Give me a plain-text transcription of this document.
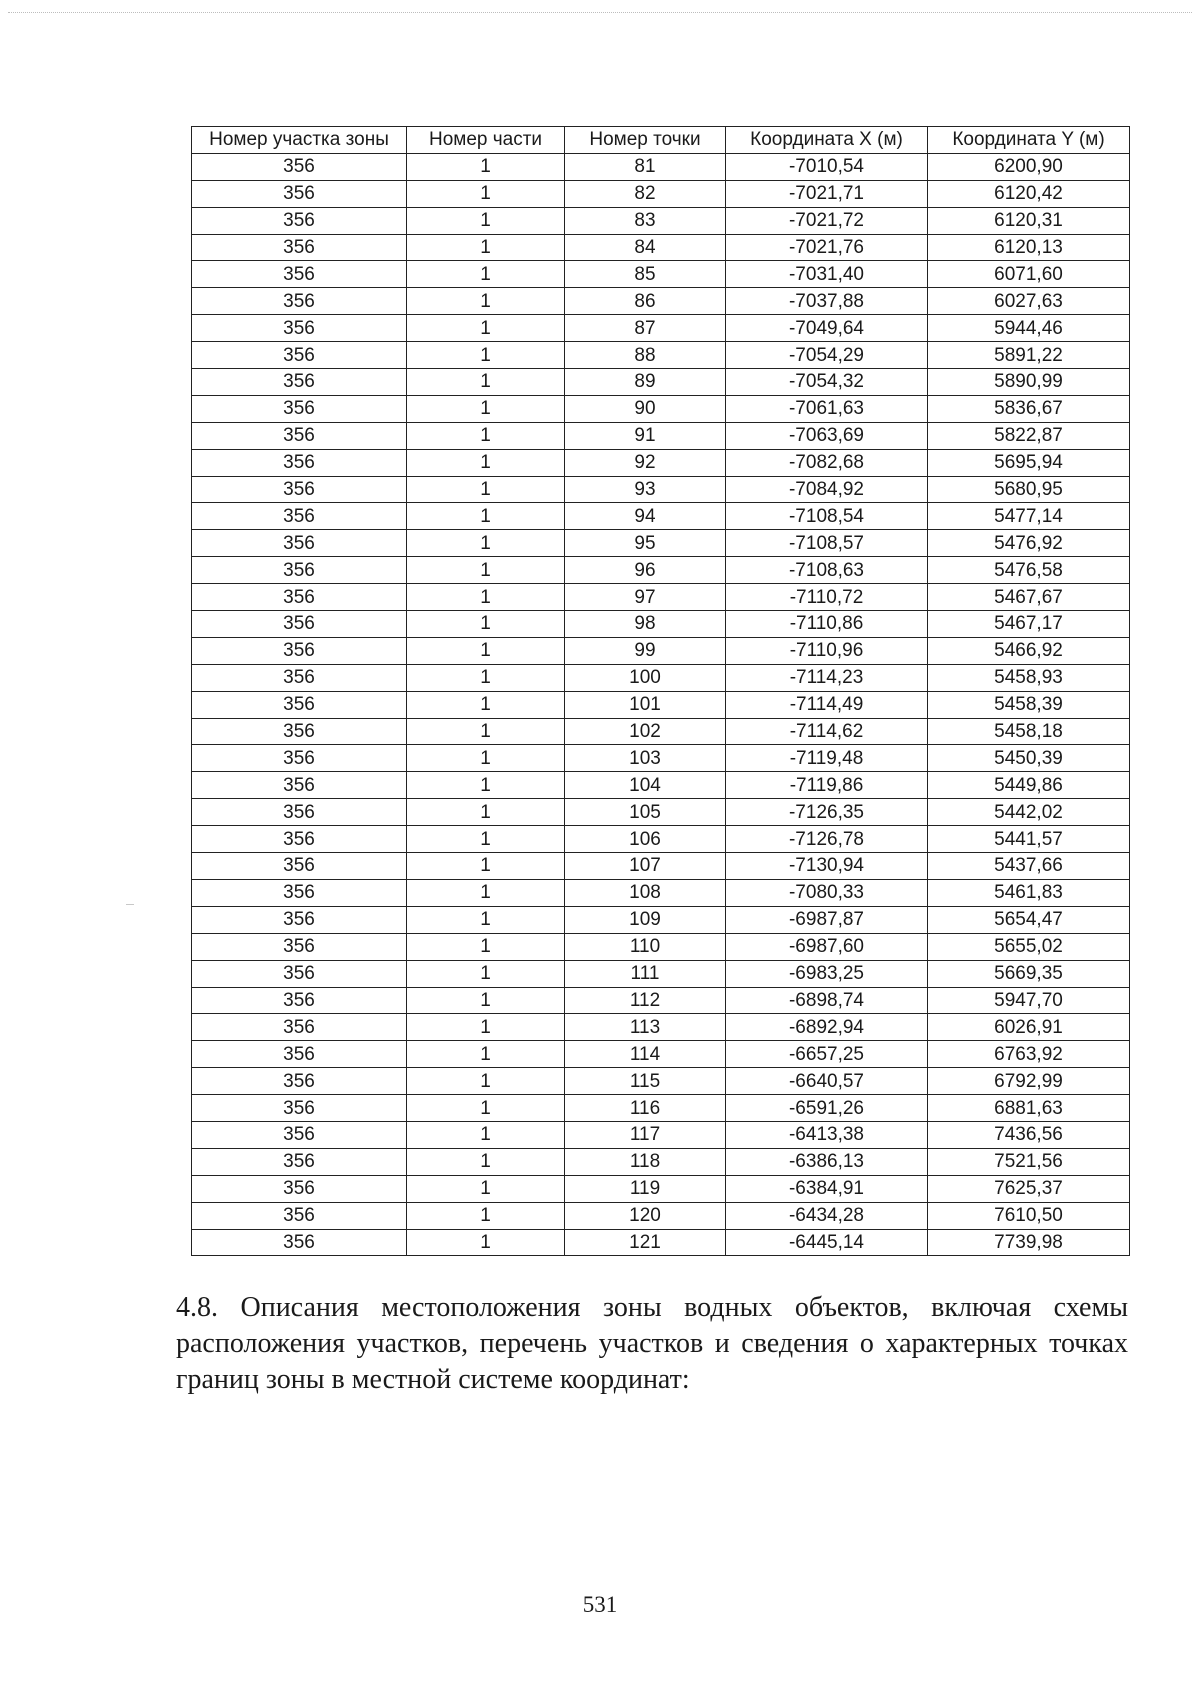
Номер участка зоны	Номер части	Номер точки	Координата X (м)	Координата Y (м)
356	1	81	-7010,54	6200,90
356	1	82	-7021,71	6120,42
356	1	83	-7021,72	6120,31
356	1	84	-7021,76	6120,13
356	1	85	-7031,40	6071,60
356	1	86	-7037,88	6027,63
356	1	87	-7049,64	5944,46
356	1	88	-7054,29	5891,22
356	1	89	-7054,32	5890,99
356	1	90	-7061,63	5836,67
356	1	91	-7063,69	5822,87
356	1	92	-7082,68	5695,94
356	1	93	-7084,92	5680,95
356	1	94	-7108,54	5477,14
356	1	95	-7108,57	5476,92
356	1	96	-7108,63	5476,58
356	1	97	-7110,72	5467,67
356	1	98	-7110,86	5467,17
356	1	99	-7110,96	5466,92
356	1	100	-7114,23	5458,93
356	1	101	-7114,49	5458,39
356	1	102	-7114,62	5458,18
356	1	103	-7119,48	5450,39
356	1	104	-7119,86	5449,86
356	1	105	-7126,35	5442,02
356	1	106	-7126,78	5441,57
356	1	107	-7130,94	5437,66
356	1	108	-7080,33	5461,83
356	1	109	-6987,87	5654,47
356	1	110	-6987,60	5655,02
356	1	111	-6983,25	5669,35
356	1	112	-6898,74	5947,70
356	1	113	-6892,94	6026,91
356	1	114	-6657,25	6763,92
356	1	115	-6640,57	6792,99
356	1	116	-6591,26	6881,63
356	1	117	-6413,38	7436,56
356	1	118	-6386,13	7521,56
356	1	119	-6384,91	7625,37
356	1	120	-6434,28	7610,50
356	1	121	-6445,14	7739,98
4.8. Описания местоположения зоны водных объектов, включая схемы расположения участков, перечень участков и сведения о характерных точках границ зоны в местной системе координат:
531
